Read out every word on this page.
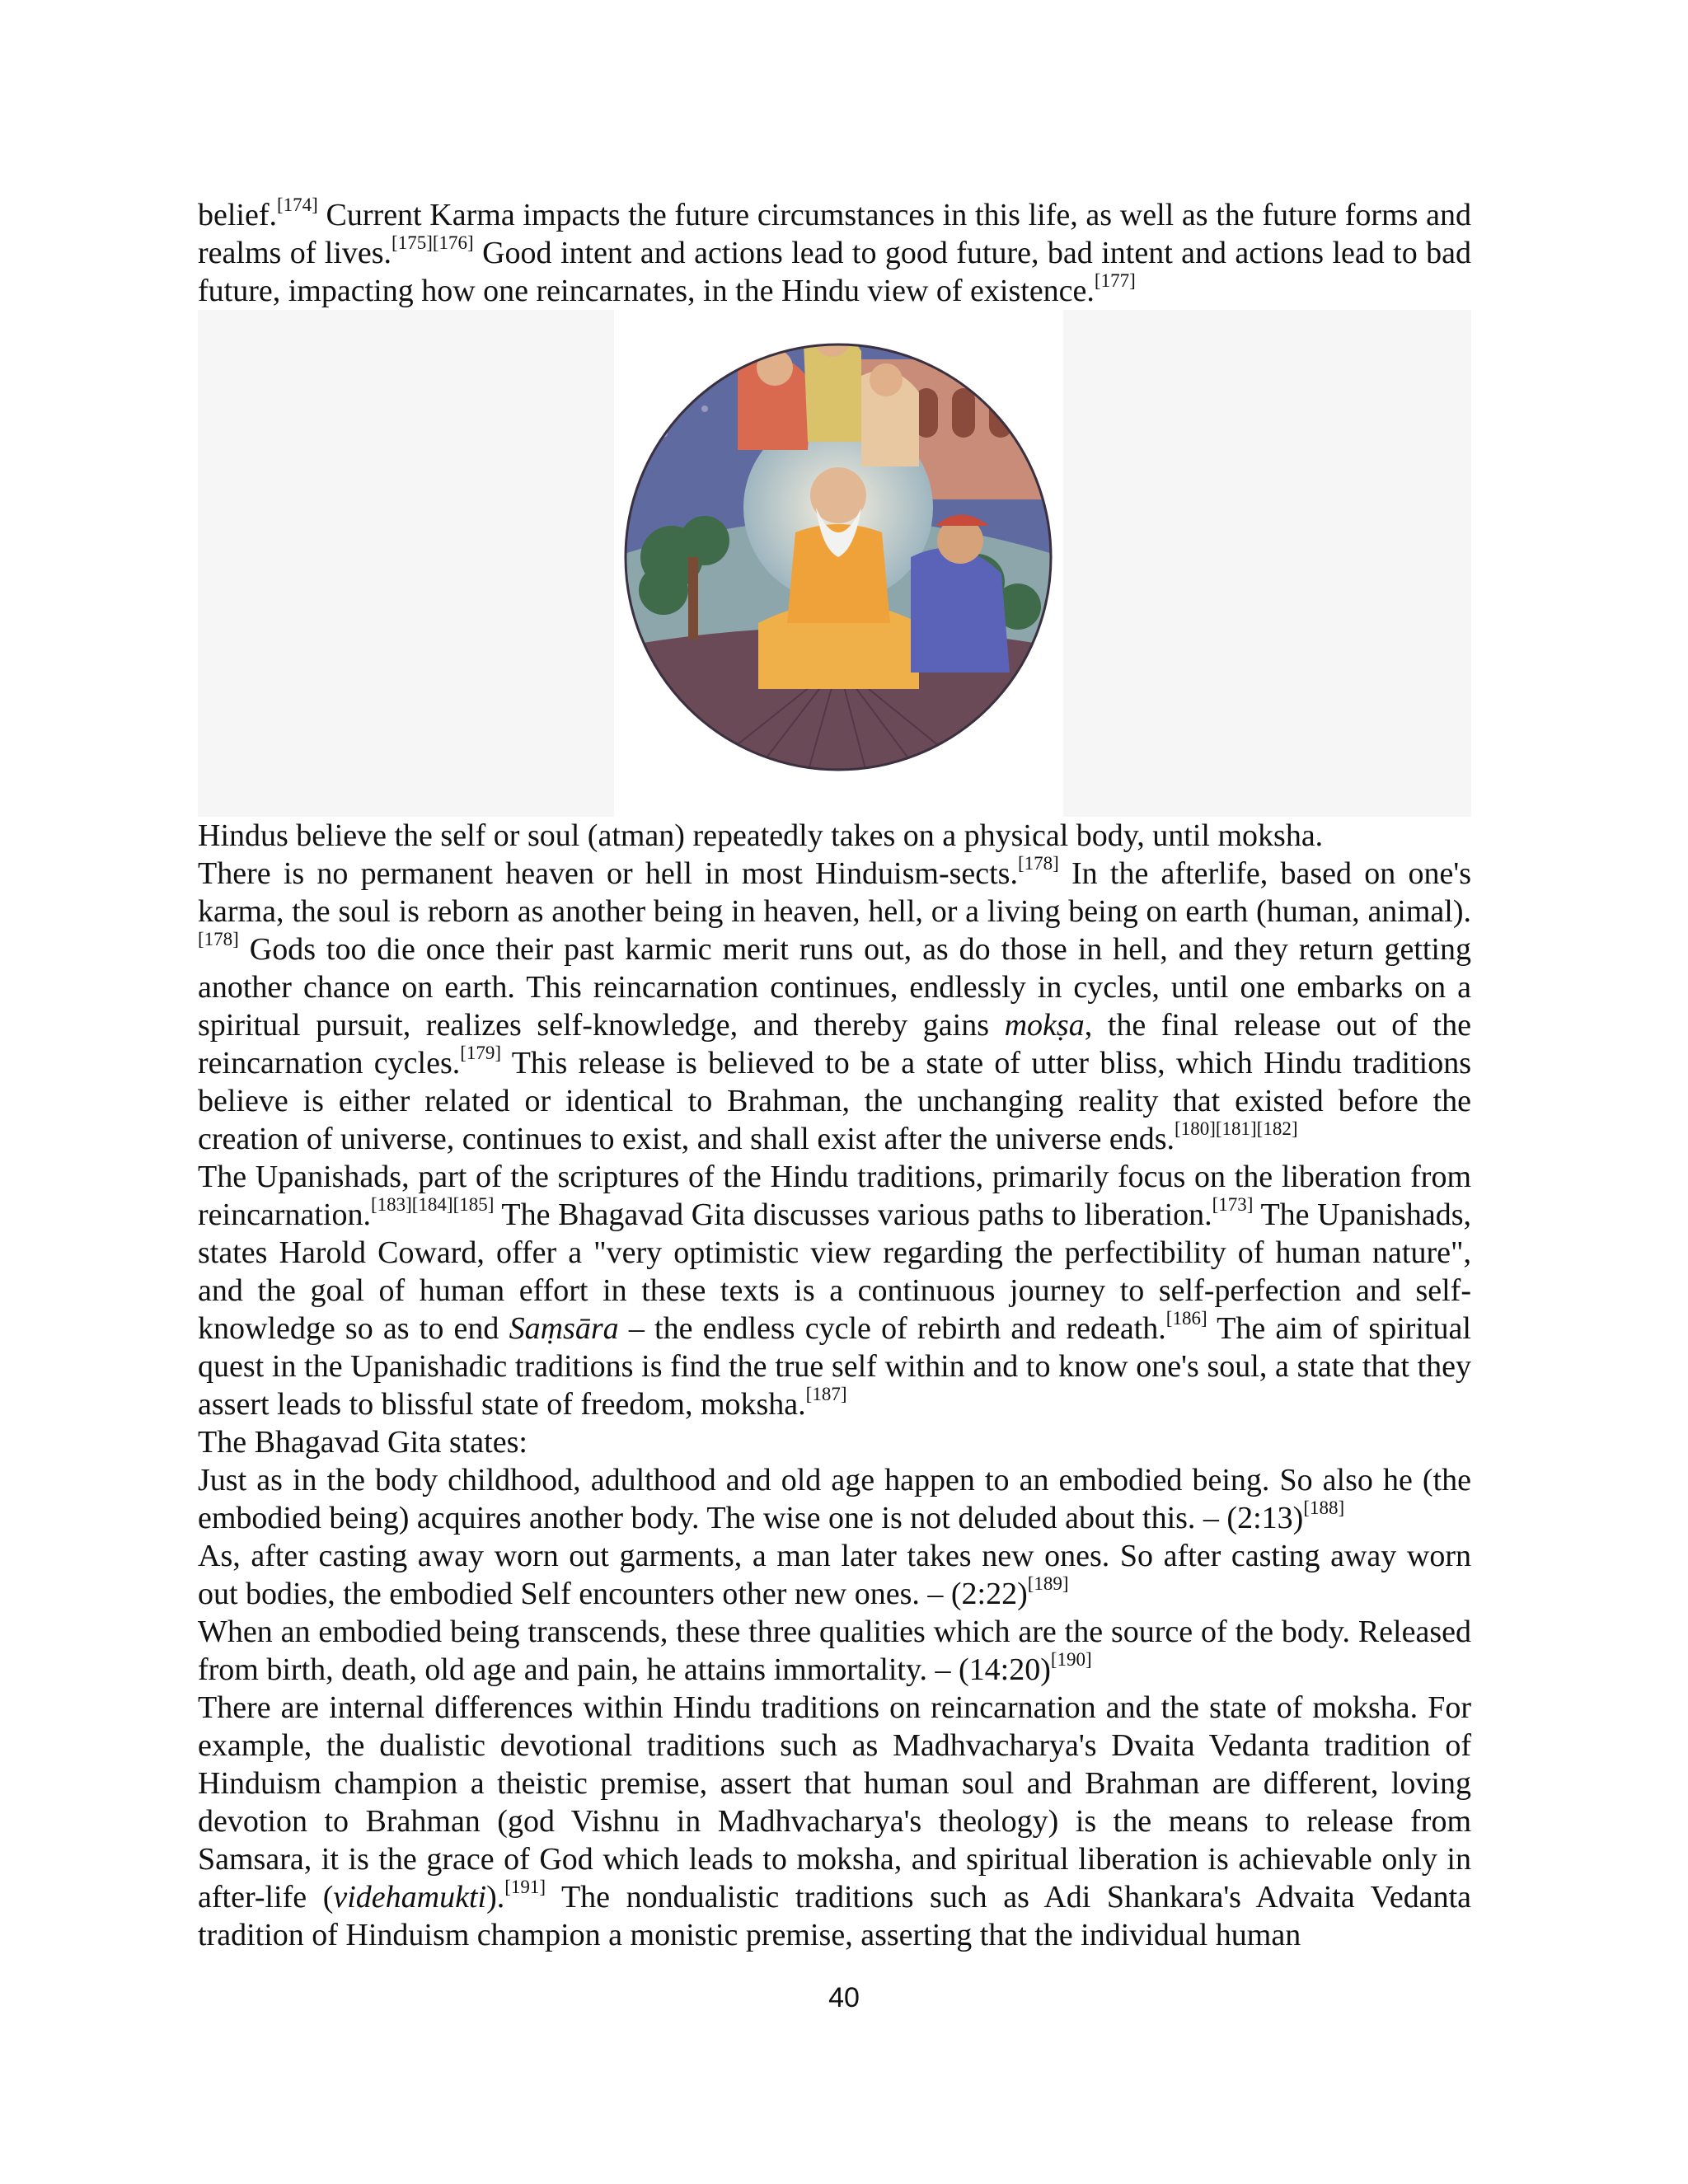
belief.[174] Current Karma impacts the future circumstances in this life, as well as the future forms and realms of lives.[175][176] Good intent and actions lead to good future, bad intent and actions lead to bad future, impacting how one reincarnates, in the Hindu view of existence.[177]

Hindus believe the self or soul (atman) repeatedly takes on a physical body, until moksha.

There is no permanent heaven or hell in most Hinduism-sects.[178] In the afterlife, based on one's karma, the soul is reborn as another being in heaven, hell, or a living being on earth (human, animal).[178] Gods too die once their past karmic merit runs out, as do those in hell, and they return getting another chance on earth. This reincarnation continues, endlessly in cycles, until one embarks on a spiritual pursuit, realizes self-knowledge, and thereby gains mokṣa, the final release out of the reincarnation cycles.[179] This release is believed to be a state of utter bliss, which Hindu traditions believe is either related or identical to Brahman, the unchanging reality that existed before the creation of universe, continues to exist, and shall exist after the universe ends.[180][181][182]

The Upanishads, part of the scriptures of the Hindu traditions, primarily focus on the liberation from reincarnation.[183][184][185] The Bhagavad Gita discusses various paths to liberation.[173] The Upanishads, states Harold Coward, offer a "very optimistic view regarding the perfectibility of human nature", and the goal of human effort in these texts is a continuous journey to self-perfection and self-knowledge so as to end Saṃsāra – the endless cycle of rebirth and redeath.[186] The aim of spiritual quest in the Upanishadic traditions is find the true self within and to know one's soul, a state that they assert leads to blissful state of freedom, moksha.[187]

The Bhagavad Gita states:

Just as in the body childhood, adulthood and old age happen to an embodied being. So also he (the embodied being) acquires another body. The wise one is not deluded about this. – (2:13)[188]

As, after casting away worn out garments, a man later takes new ones. So after casting away worn out bodies, the embodied Self encounters other new ones. – (2:22)[189]

When an embodied being transcends, these three qualities which are the source of the body. Released from birth, death, old age and pain, he attains immortality. – (14:20)[190]

There are internal differences within Hindu traditions on reincarnation and the state of moksha. For example, the dualistic devotional traditions such as Madhvacharya's Dvaita Vedanta tradition of Hinduism champion a theistic premise, assert that human soul and Brahman are different, loving devotion to Brahman (god Vishnu in Madhvacharya's theology) is the means to release from Samsara, it is the grace of God which leads to moksha, and spiritual liberation is achievable only in after-life (videhamukti).[191] The nondualistic traditions such as Adi Shankara's Advaita Vedanta tradition of Hinduism champion a monistic premise, asserting that the individual human

40
